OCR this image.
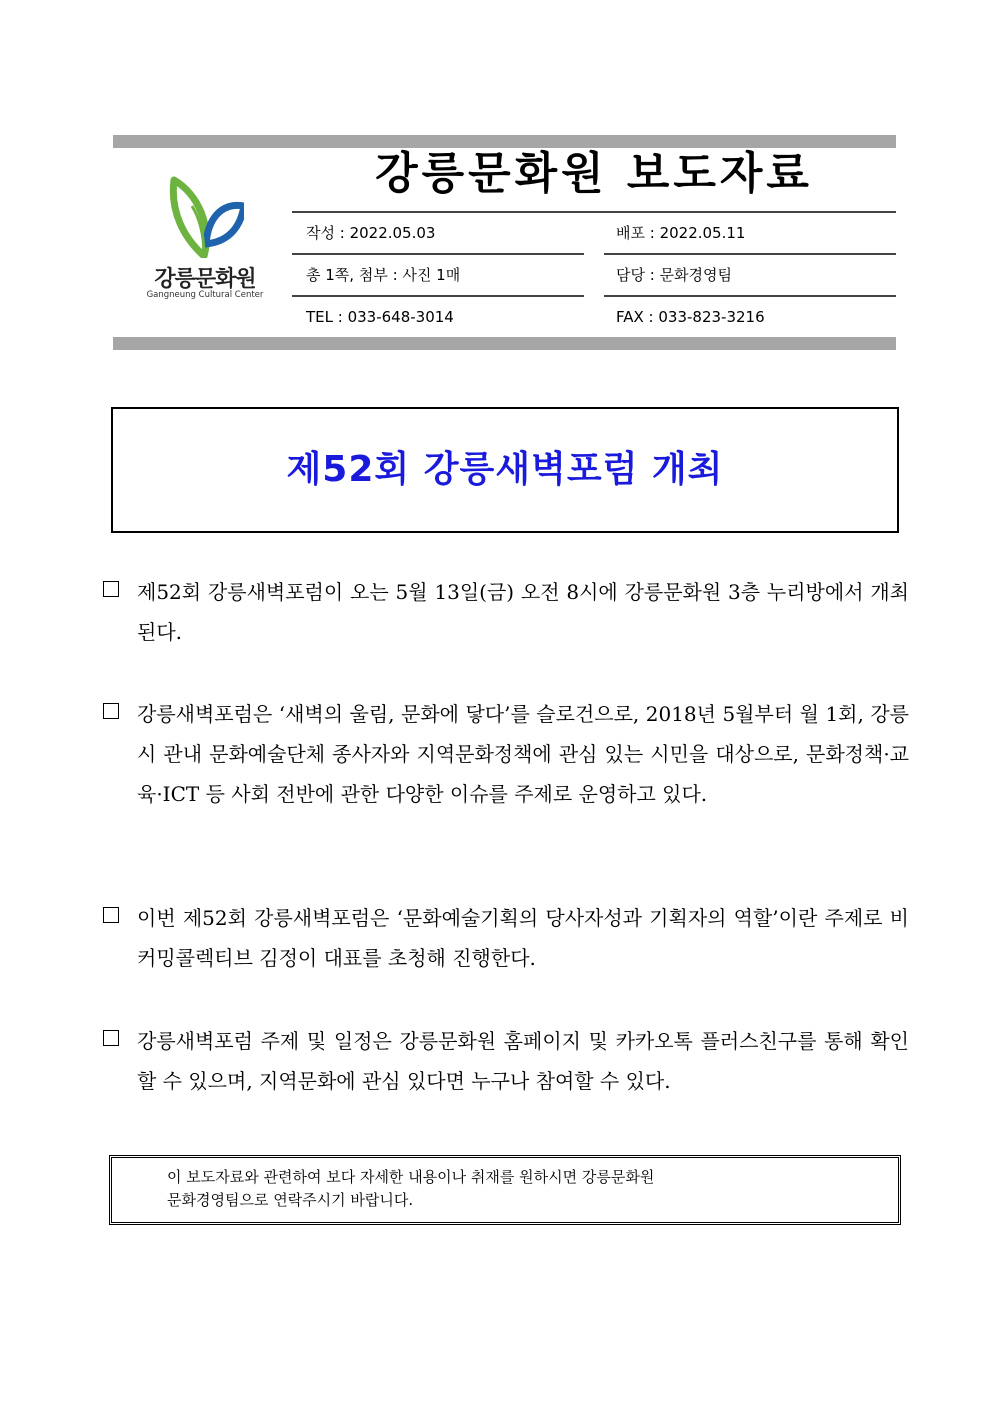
강릉문화원
Gangneung Cultural Center
강릉문화원 보도자료
작성 : 2022.05.03	배포 : 2022.05.11
총 1쪽, 첨부 : 사진 1매	담당 : 문화경영팀
TEL : 033-648-3014	FAX : 033-823-3216
제52회 강릉새벽포럼 개최

제52회 강릉새벽포럼이 오는 5월 13일(금) 오전 8시에 강릉문화원 3층 누리방에서 개최된다.

강릉새벽포럼은 ‘새벽의 울림, 문화에 닿다’를 슬로건으로, 2018년 5월부터 월 1회, 강릉시 관내 문화예술단체 종사자와 지역문화정책에 관심 있는 시민을 대상으로, 문화정책·교육·ICT 등 사회 전반에 관한 다양한 이슈를 주제로 운영하고 있다.

이번 제52회 강릉새벽포럼은 ‘문화예술기획의 당사자성과 기획자의 역할’이란 주제로 비커밍콜렉티브 김정이 대표를 초청해 진행한다.

강릉새벽포럼 주제 및 일정은 강릉문화원 홈페이지 및 카카오톡 플러스친구를 통해 확인할 수 있으며, 지역문화에 관심 있다면 누구나 참여할 수 있다.

이 보도자료와 관련하여 보다 자세한 내용이나 취재를 원하시면 강릉문화원
문화경영팀으로 연락주시기 바랍니다.
